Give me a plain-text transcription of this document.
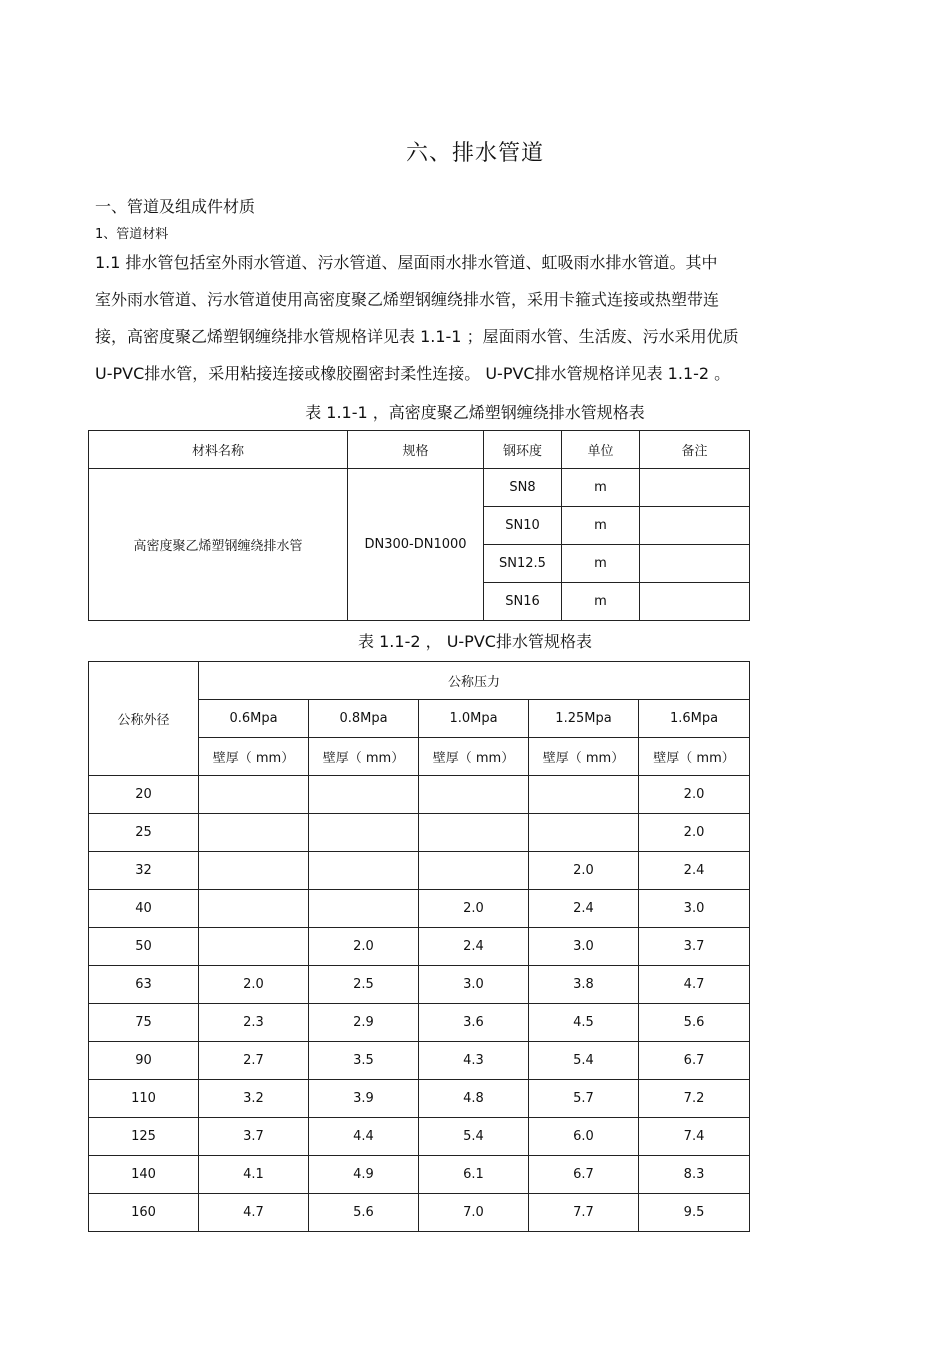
六、排水管道
一、管道及组成件材质
1、管道材料

1.1 排水管包括室外雨水管道、污水管道、屋面雨水排水管道、虹吸雨水排水管道。其中
室外雨水管道、污水管道使用高密度聚乙烯塑钢缠绕排水管，采用卡箍式连接或热塑带连
接，高密度聚乙烯塑钢缠绕排水管规格详见表 1.1-1 ；屋面雨水管、生活废、污水采用优质
U-PVC排水管，采用粘接连接或橡胶圈密封柔性连接。 U-PVC排水管规格详见表 1.1-2 。

表 1.1-1 ，高密度聚乙烯塑钢缠绕排水管规格表
材料名称	规格	钢环度	单位	备注
高密度聚乙烯塑钢缠绕排水管	DN300-DN1000	SN8	m	
		SN10	m	
		SN12.5	m	
		SN16	m	
表 1.1-2 ， U-PVC排水管规格表
公称外径	公称压力				
	0.6Mpa	0.8Mpa	1.0Mpa	1.25Mpa	1.6Mpa
	壁厚（ mm）	壁厚（ mm）	壁厚（ mm）	壁厚（ mm）	壁厚（ mm）
20					2.0
25					2.0
32				2.0	2.4
40			2.0	2.4	3.0
50		2.0	2.4	3.0	3.7
63	2.0	2.5	3.0	3.8	4.7
75	2.3	2.9	3.6	4.5	5.6
90	2.7	3.5	4.3	5.4	6.7
110	3.2	3.9	4.8	5.7	7.2
125	3.7	4.4	5.4	6.0	7.4
140	4.1	4.9	6.1	6.7	8.3
160	4.7	5.6	7.0	7.7	9.5
